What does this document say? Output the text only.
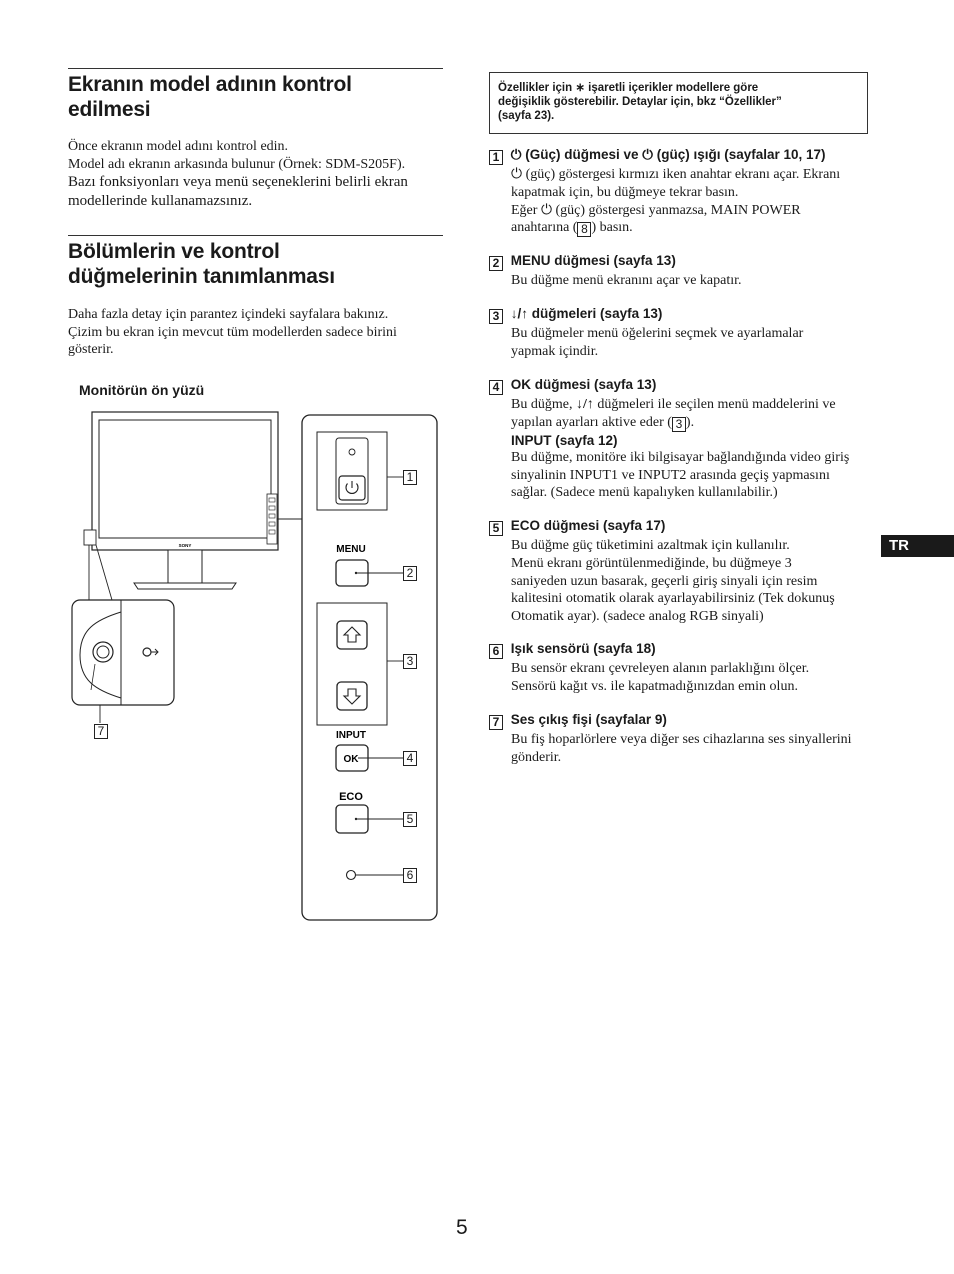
Ekranın model adının kontrol
edilmesi
Önce ekranın model adını kontrol edin.
Model adı ekranın arkasında bulunur (Örnek: SDM-S205F).
Bazı fonksiyonları veya menü seçeneklerini belirli ekran
modellerinde kullanamazsınız.
Bölümlerin ve kontrol
düğmelerinin tanımlanması
Daha fazla detay için parantez içindeki sayfalara bakınız.
Çizim bu ekran için mevcut tüm modellerden sadece birini
gösterir.
Monitörün ön yüzü
SONY	MENU
INPUT
OK
ECO
1
2
3
4
5
6
7
Özellikler için ∗ işaretli içerikler modellere göre
değişiklik gösterebilir. Detaylar için, bkz “Özellikler”
(sayfa 23).
1 ⏻ (Güç) düğmesi ve ⏻ (güç) ışığı (sayfalar 10, 17)
⏻ (güç) göstergesi kırmızı iken anahtar ekranı açar. Ekranı
kapatmak için, bu düğmeye tekrar basın.
Eğer ⏻ (güç) göstergesi yanmazsa, MAIN POWER
anahtarına ( 8 ) basın.
2 MENU düğmesi (sayfa 13)
Bu düğme menü ekranını açar ve kapatır.
3 ↓/↑ düğmeleri (sayfa 13)
Bu düğmeler menü öğelerini seçmek ve ayarlamalar
yapmak içindir.
4 OK düğmesi (sayfa 13)
Bu düğme, ↓/↑ düğmeleri ile seçilen menü maddelerini ve
yapılan ayarları aktive eder ( 3 ).
INPUT (sayfa 12)
Bu düğme, monitöre iki bilgisayar bağlandığında video giriş
sinyalinin INPUT1 ve INPUT2 arasında geçiş yapmasını
sağlar. (Sadece menü kapalıyken kullanılabilir.)
5 ECO düğmesi (sayfa 17)
Bu düğme güç tüketimini azaltmak için kullanılır.
Menü ekranı görüntülenmediğinde, bu düğmeye 3
saniyeden uzun basarak, geçerli giriş sinyali için resim
kalitesini otomatik olarak ayarlayabilirsiniz (Tek dokunuş
Otomatik ayar). (sadece analog RGB sinyali)
6 Işık sensörü (sayfa 18)
Bu sensör ekranı çevreleyen alanın parlaklığını ölçer.
Sensörü kağıt vs. ile kapatmadığınızdan emin olun.
7 Ses çıkış fişi (sayfalar 9)
Bu fiş hoparlörlere veya diğer ses cihazlarına ses sinyallerini
gönderir.
TR
5
